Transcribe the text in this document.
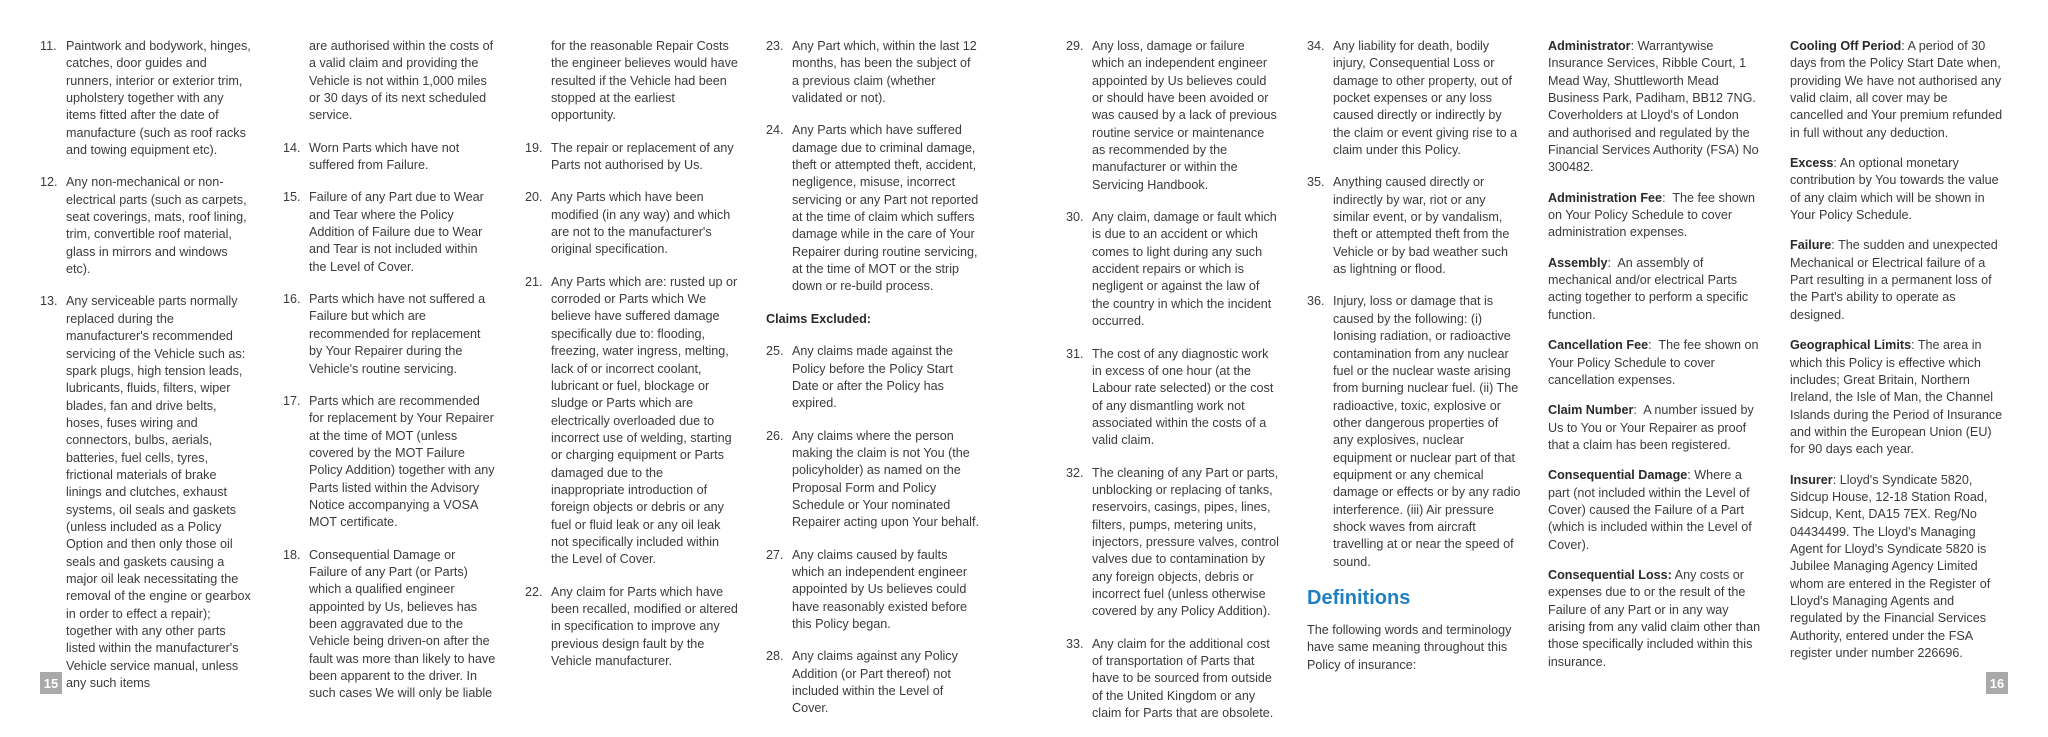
11. Paintwork and bodywork, hinges, catches, door guides and runners, interior or exterior trim, upholstery together with any items fitted after the date of manufacture (such as roof racks and towing equipment etc).
12. Any non-mechanical or non-electrical parts (such as carpets, seat coverings, mats, roof lining, trim, convertible roof material, glass in mirrors and windows etc).
13. Any serviceable parts normally replaced during the manufacturer's recommended servicing of the Vehicle such as: spark plugs, high tension leads, lubricants, fluids, filters, wiper blades, fan and drive belts, hoses, fuses wiring and connectors, bulbs, aerials, batteries, fuel cells, tyres, frictional materials of brake linings and clutches, exhaust systems, oil seals and gaskets (unless included as a Policy Option and then only those oil seals and gaskets causing a major oil leak necessitating the removal of the engine or gearbox in order to effect a repair); together with any other parts listed within the manufacturer's Vehicle service manual, unless any such items
are authorised within the costs of a valid claim and providing the Vehicle is not within 1,000 miles or 30 days of its next scheduled service.
14. Worn Parts which have not suffered from Failure.
15. Failure of any Part due to Wear and Tear where the Policy Addition of Failure due to Wear and Tear is not included within the Level of Cover.
16. Parts which have not suffered a Failure but which are recommended for replacement by Your Repairer during the Vehicle's routine servicing.
17. Parts which are recommended for replacement by Your Repairer at the time of MOT (unless covered by the MOT Failure Policy Addition) together with any Parts listed within the Advisory Notice accompanying a VOSA MOT certificate.
18. Consequential Damage or Failure of any Part (or Parts) which a qualified engineer appointed by Us, believes has been aggravated due to the Vehicle being driven-on after the fault was more than likely to have been apparent to the driver. In such cases We will only be liable
for the reasonable Repair Costs the engineer believes would have resulted if the Vehicle had been stopped at the earliest opportunity.
19. The repair or replacement of any Parts not authorised by Us.
20. Any Parts which have been modified (in any way) and which are not to the manufacturer's original specification.
21. Any Parts which are: rusted up or corroded or Parts which We believe have suffered damage specifically due to: flooding, freezing, water ingress, melting, lack of or incorrect coolant, lubricant or fuel, blockage or sludge or Parts which are electrically overloaded due to incorrect use of welding, starting or charging equipment or Parts damaged due to the inappropriate introduction of foreign objects or debris or any fuel or fluid leak or any oil leak not specifically included within the Level of Cover.
22. Any claim for Parts which have been recalled, modified or altered in specification to improve any previous design fault by the Vehicle manufacturer.
23. Any Part which, within the last 12 months, has been the subject of a previous claim (whether validated or not).
24. Any Parts which have suffered damage due to criminal damage, theft or attempted theft, accident, negligence, misuse, incorrect servicing or any Part not reported at the time of claim which suffers damage while in the care of Your Repairer during routine servicing, at the time of MOT or the strip down or re-build process.
Claims Excluded:
25. Any claims made against the Policy before the Policy Start Date or after the Policy has expired.
26. Any claims where the person making the claim is not You (the policyholder) as named on the Proposal Form and Policy Schedule or Your nominated Repairer acting upon Your behalf.
27. Any claims caused by faults which an independent engineer appointed by Us believes could have reasonably existed before this Policy began.
28. Any claims against any Policy Addition (or Part thereof) not included within the Level of Cover.
15
29. Any loss, damage or failure which an independent engineer appointed by Us believes could or should have been avoided or was caused by a lack of previous routine service or maintenance as recommended by the manufacturer or within the Servicing Handbook.
30. Any claim, damage or fault which is due to an accident or which comes to light during any such accident repairs or which is negligent or against the law of the country in which the incident occurred.
31. The cost of any diagnostic work in excess of one hour (at the Labour rate selected) or the cost of any dismantling work not associated within the costs of a valid claim.
32. The cleaning of any Part or parts, unblocking or replacing of tanks, reservoirs, casings, pipes, lines, filters, pumps, metering units, injectors, pressure valves, control valves due to contamination by any foreign objects, debris or incorrect fuel (unless otherwise covered by any Policy Addition).
33. Any claim for the additional cost of transportation of Parts that have to be sourced from outside of the United Kingdom or any claim for Parts that are obsolete.
34. Any liability for death, bodily injury, Consequential Loss or damage to other property, out of pocket expenses or any loss caused directly or indirectly by the claim or event giving rise to a claim under this Policy.
35. Anything caused directly or indirectly by war, riot or any similar event, or by vandalism, theft or attempted theft from the Vehicle or by bad weather such as lightning or flood.
36. Injury, loss or damage that is caused by the following: (i) Ionising radiation, or radioactive contamination from any nuclear fuel or the nuclear waste arising from burning nuclear fuel. (ii) The radioactive, toxic, explosive or other dangerous properties of any explosives, nuclear equipment or nuclear part of that equipment or any chemical damage or effects or by any radio interference. (iii) Air pressure shock waves from aircraft travelling at or near the speed of sound.
Definitions
The following words and terminology have same meaning throughout this Policy of insurance:
Administrator: Warrantywise Insurance Services, Ribble Court, 1 Mead Way, Shuttleworth Mead Business Park, Padiham, BB12 7NG. Coverholders at Lloyd's of London and authorised and regulated by the Financial Services Authority (FSA) No 300482.
Administration Fee:  The fee shown on Your Policy Schedule to cover administration expenses.
Assembly:  An assembly of mechanical and/or electrical Parts acting together to perform a specific function.
Cancellation Fee:  The fee shown on Your Policy Schedule to cover cancellation expenses.
Claim Number:  A number issued by Us to You or Your Repairer as proof that a claim has been registered.
Consequential Damage: Where a part (not included within the Level of Cover) caused the Failure of a Part (which is included within the Level of Cover).
Consequential Loss: Any costs or expenses due to or the result of the Failure of any Part or in any way arising from any valid claim other than those specifically included within this insurance.
Cooling Off Period: A period of 30 days from the Policy Start Date when, providing We have not authorised any valid claim, all cover may be cancelled and Your premium refunded in full without any deduction.
Excess: An optional monetary contribution by You towards the value of any claim which will be shown in Your Policy Schedule.
Failure: The sudden and unexpected Mechanical or Electrical failure of a Part resulting in a permanent loss of the Part's ability to operate as designed.
Geographical Limits: The area in which this Policy is effective which includes; Great Britain, Northern Ireland, the Isle of Man, the Channel Islands during the Period of Insurance and within the European Union (EU) for 90 days each year.
Insurer: Lloyd's Syndicate 5820, Sidcup House, 12-18 Station Road, Sidcup, Kent, DA15 7EX. Reg/No 04434499. The Lloyd's Managing Agent for Lloyd's Syndicate 5820 is Jubilee Managing Agency Limited whom are entered in the Register of Lloyd's Managing Agents and regulated by the Financial Services Authority, entered under the FSA register under number 226696.
16
